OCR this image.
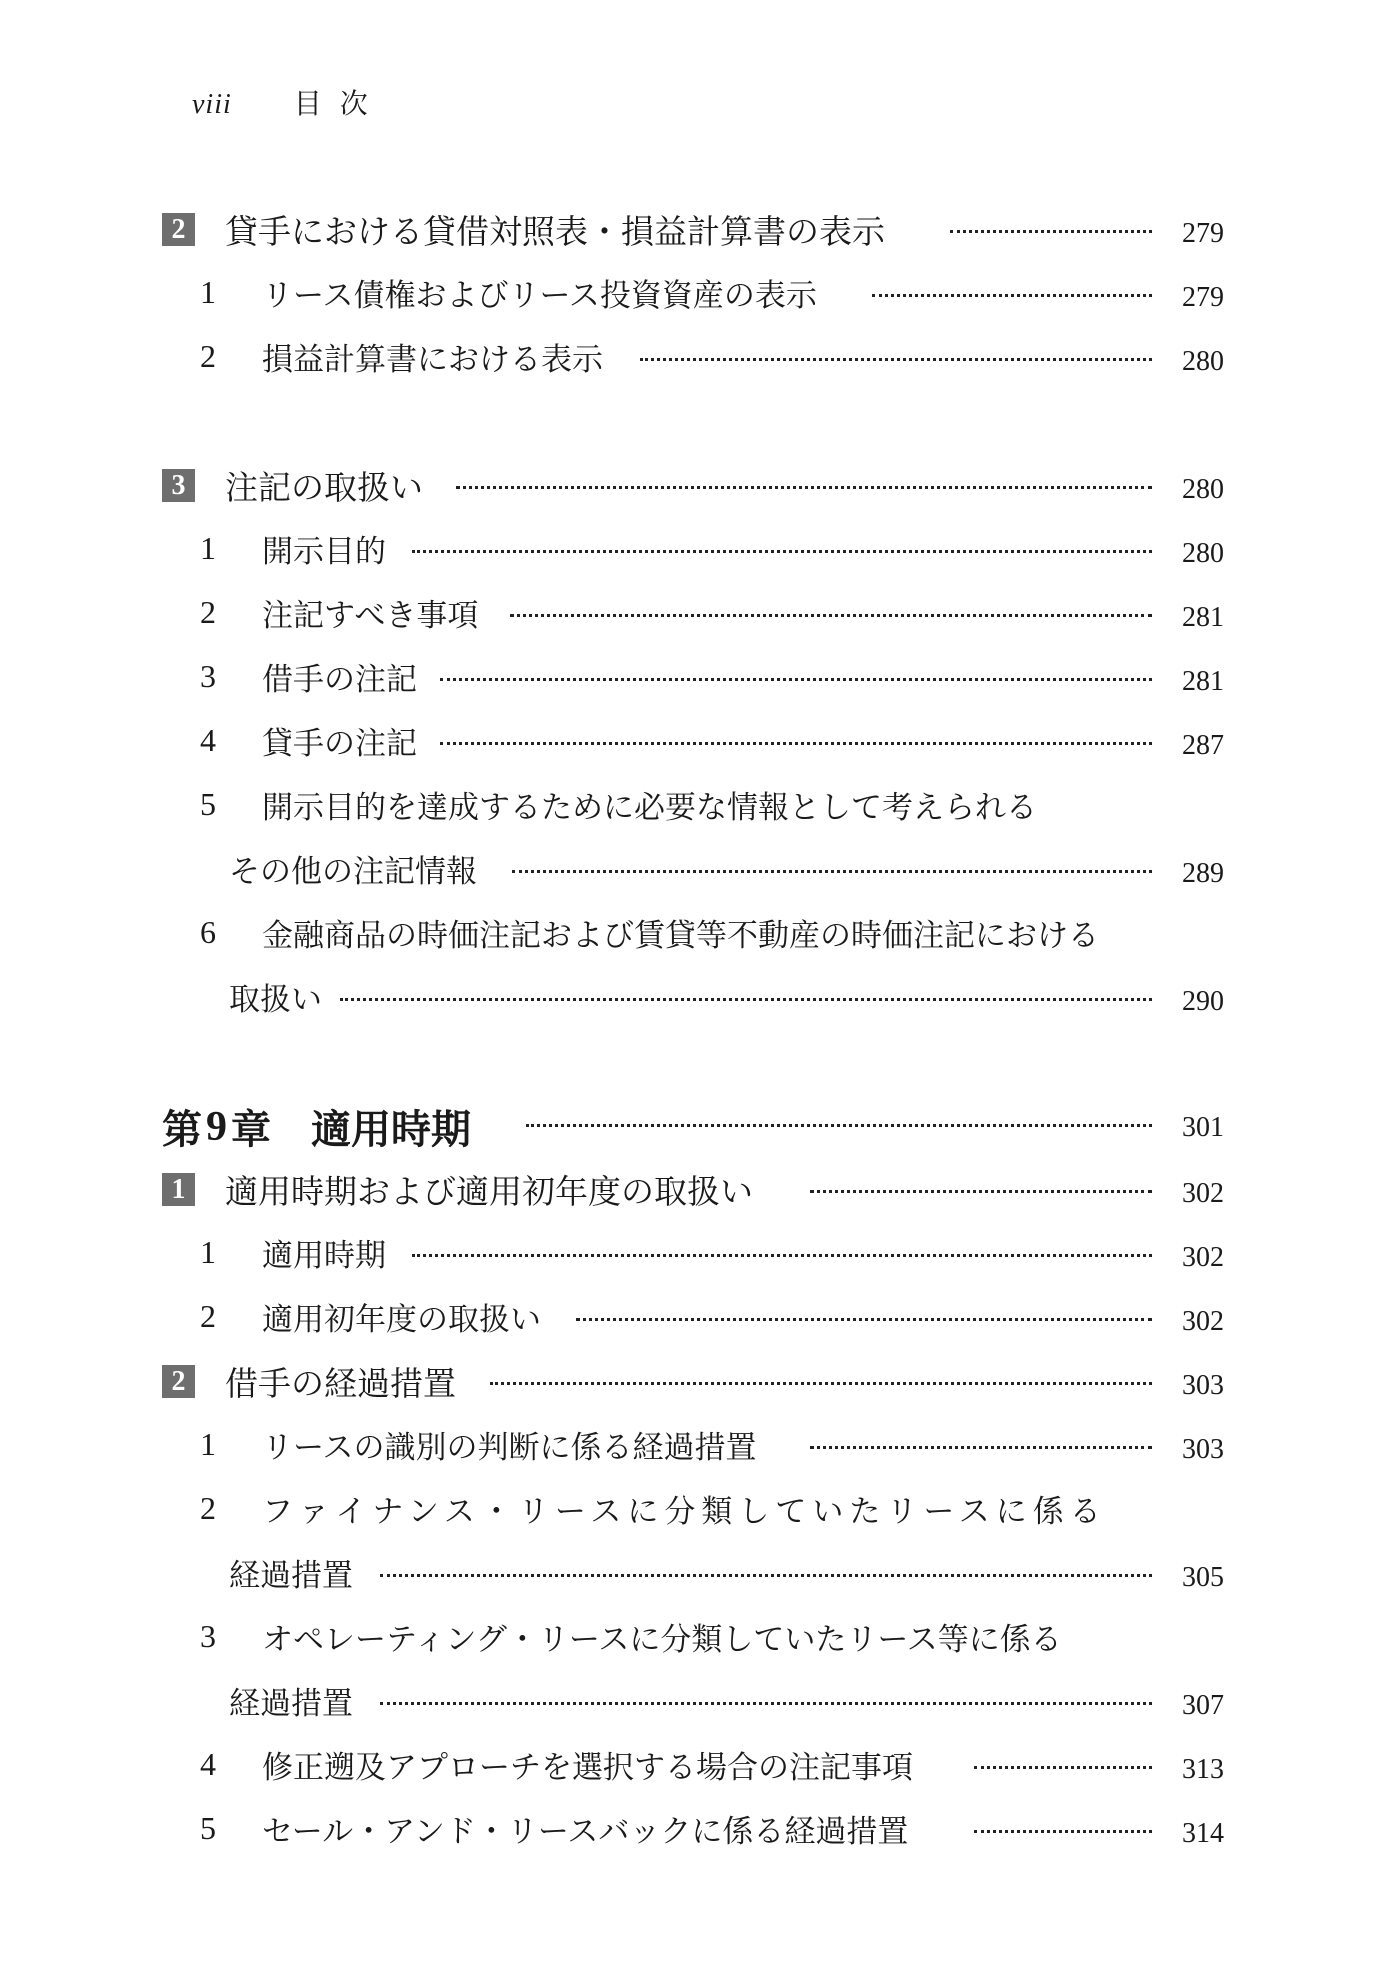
viii 目次
2 貸手における貸借対照表・損益計算書の表示	279
1	リース債権およびリース投資資産の表示	279
2	損益計算書における表示	280
3 注記の取扱い	280
1	開示目的	280
2	注記すべき事項	281
3	借手の注記	281
4	貸手の注記	287
5	開示目的を達成するために必要な情報として考えられる
その他の注記情報	289
6	金融商品の時価注記および賃貸等不動産の時価注記における
取扱い	290
第 9 章 適用時期	301
1 適用時期および適用初年度の取扱い	302
1	適用時期	302
2	適用初年度の取扱い	302
2 借手の経過措置	303
1	リースの識別の判断に係る経過措置	303
2	ファイナンス・リースに分類していたリースに係る
経過措置	305
3	オペレーティング・リースに分類していたリース等に係る
経過措置	307
4	修正遡及アプローチを選択する場合の注記事項	313
5	セール・アンド・リースバックに係る経過措置	314
